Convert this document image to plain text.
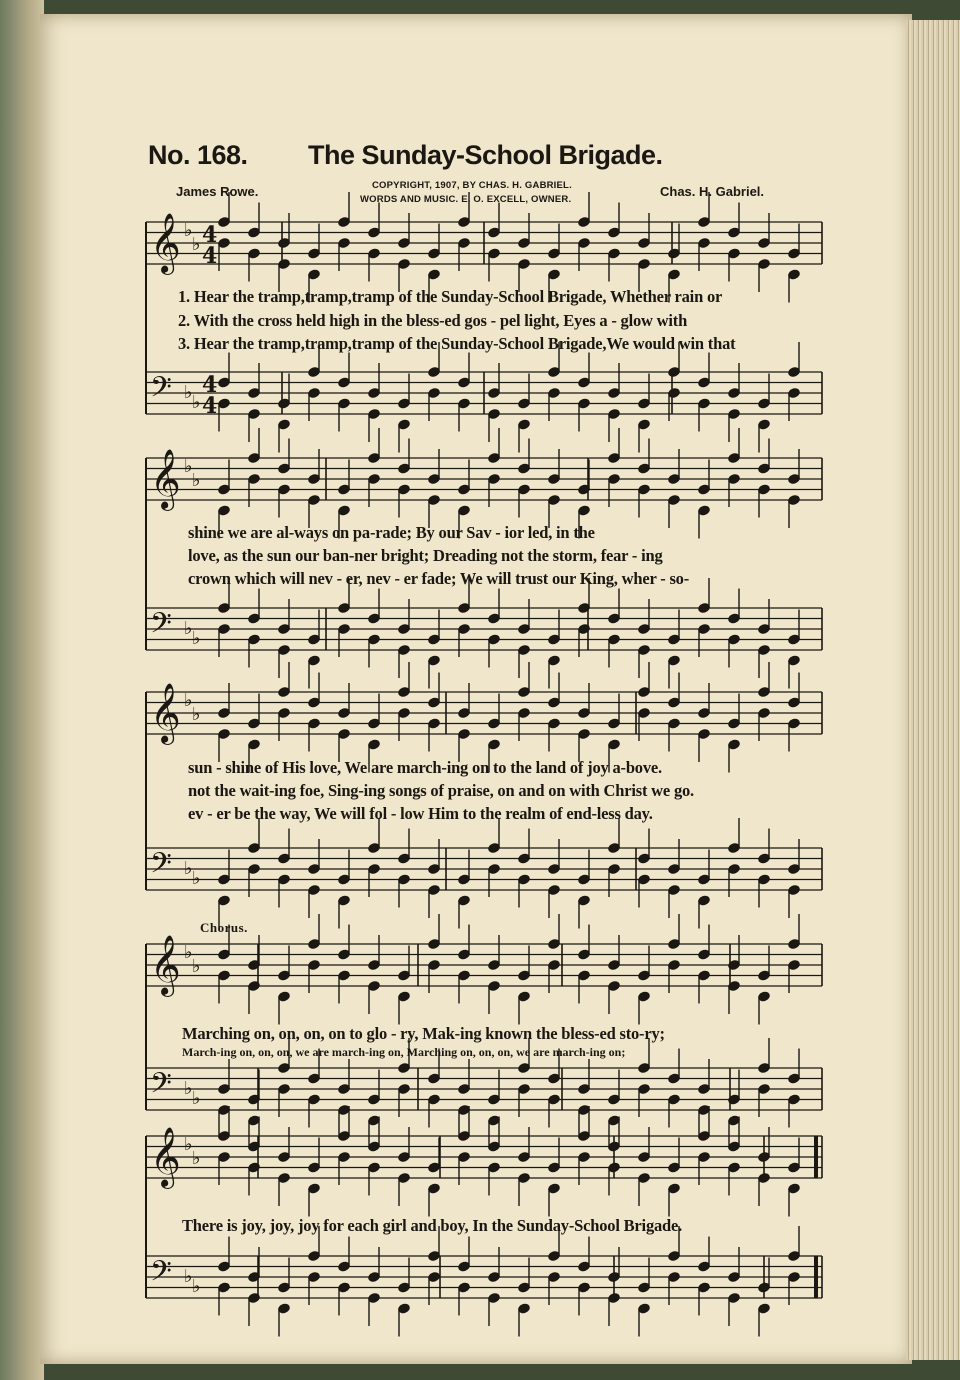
No. 168. The Sunday-School Brigade.
James Rowe.	COPYRIGHT, 1907, BY CHAS. H. GABRIEL.
WORDS AND MUSIC. E. O. EXCELL, OWNER.
Chas. H. Gabriel.
𝄞 ♭
♭
𝄢 ♭ ♭
4
4
4
4
𝄞 ♭
♭
𝄢 ♭ ♭
𝄞 ♭
♭
𝄢 ♭ ♭
𝄞 ♭
♭
𝄢 ♭ ♭
𝄞 ♭
♭
𝄢 ♭ ♭
1. Hear the tramp,tramp,tramp of the Sunday-School Brigade, Whether rain or
2. With the cross held high in the bless-ed gos - pel light, Eyes a - glow with
3. Hear the tramp,tramp,tramp of the Sunday-School Brigade,We would win that
shine we are al-ways on pa-rade; By our Sav - ior led, in the
love, as the sun our ban-ner bright; Dreading not the storm, fear - ing
crown which will nev - er, nev - er fade; We will trust our King, wher - so-
sun - shine of His love, We are march-ing on to the land of joy a-bove.
not the wait-ing foe, Sing-ing songs of praise, on and on with Christ we go.
ev - er be the way, We will fol - low Him to the realm of end-less day.
Chorus.
Marching on, on, on, on to glo - ry, Mak-ing known the bless-ed sto-ry;
March-ing on, on, on, we are march-ing on, Marching on, on, on, we are march-ing on;
There is joy, joy, joy for each girl and boy, In the Sunday-School Brigade.
